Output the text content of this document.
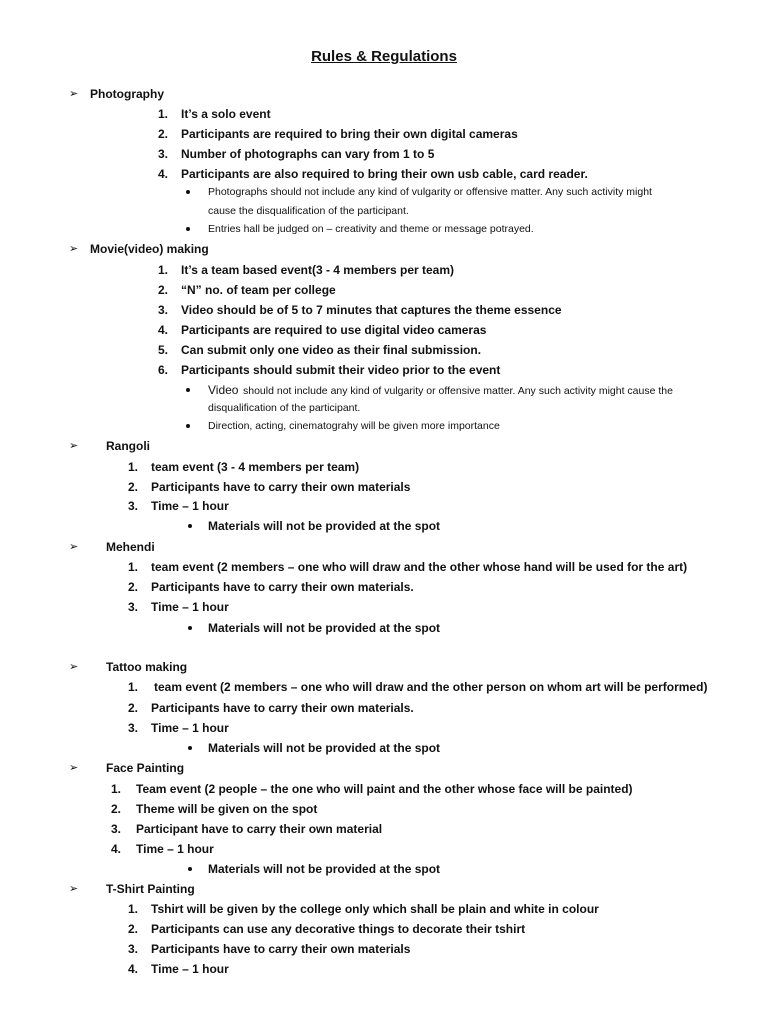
Rules & Regulations
➢ Photography
1. It’s a solo event
2. Participants are required to bring their own digital cameras
3. Number of photographs can vary from 1 to 5
4. Participants are also required to bring their own usb cable, card reader.
Photographs should not include any kind of vulgarity or offensive matter. Any such activity might
cause the disqualification of the participant.
Entries hall be judged on – creativity and theme or message potrayed.
➢ Movie(video) making
1. It’s a team based event(3 - 4 members per team)
2. “N” no. of team per college
3. Video should be of 5 to 7 minutes that captures the theme essence
4. Participants are required to use digital video cameras
5. Can submit only one video as their final submission.
6. Participants should submit their video prior to the event
Video should not include any kind of vulgarity or offensive matter. Any such activity might cause the
disqualification of the participant.
Direction, acting, cinematograhy will be given more importance
➢ Rangoli
1. team event (3 - 4 members per team)
2. Participants have to carry their own materials
3. Time – 1 hour
Materials will not be provided at the spot
➢ Mehendi
1. team event (2 members – one who will draw and the other whose hand will be used for the art)
2. Participants have to carry their own materials.
3. Time – 1 hour
Materials will not be provided at the spot
➢ Tattoo making
1. team event (2 members – one who will draw and the other person on whom art will be performed)
2. Participants have to carry their own materials.
3. Time – 1 hour
Materials will not be provided at the spot
➢ Face Painting
1. Team event (2 people – the one who will paint and the other whose face will be painted)
2. Theme will be given on the spot
3. Participant have to carry their own material
4. Time – 1 hour
Materials will not be provided at the spot
➢ T-Shirt Painting
1. Tshirt will be given by the college only which shall be plain and white in colour
2. Participants can use any decorative things to decorate their tshirt
3. Participants have to carry their own materials
4. Time – 1 hour
